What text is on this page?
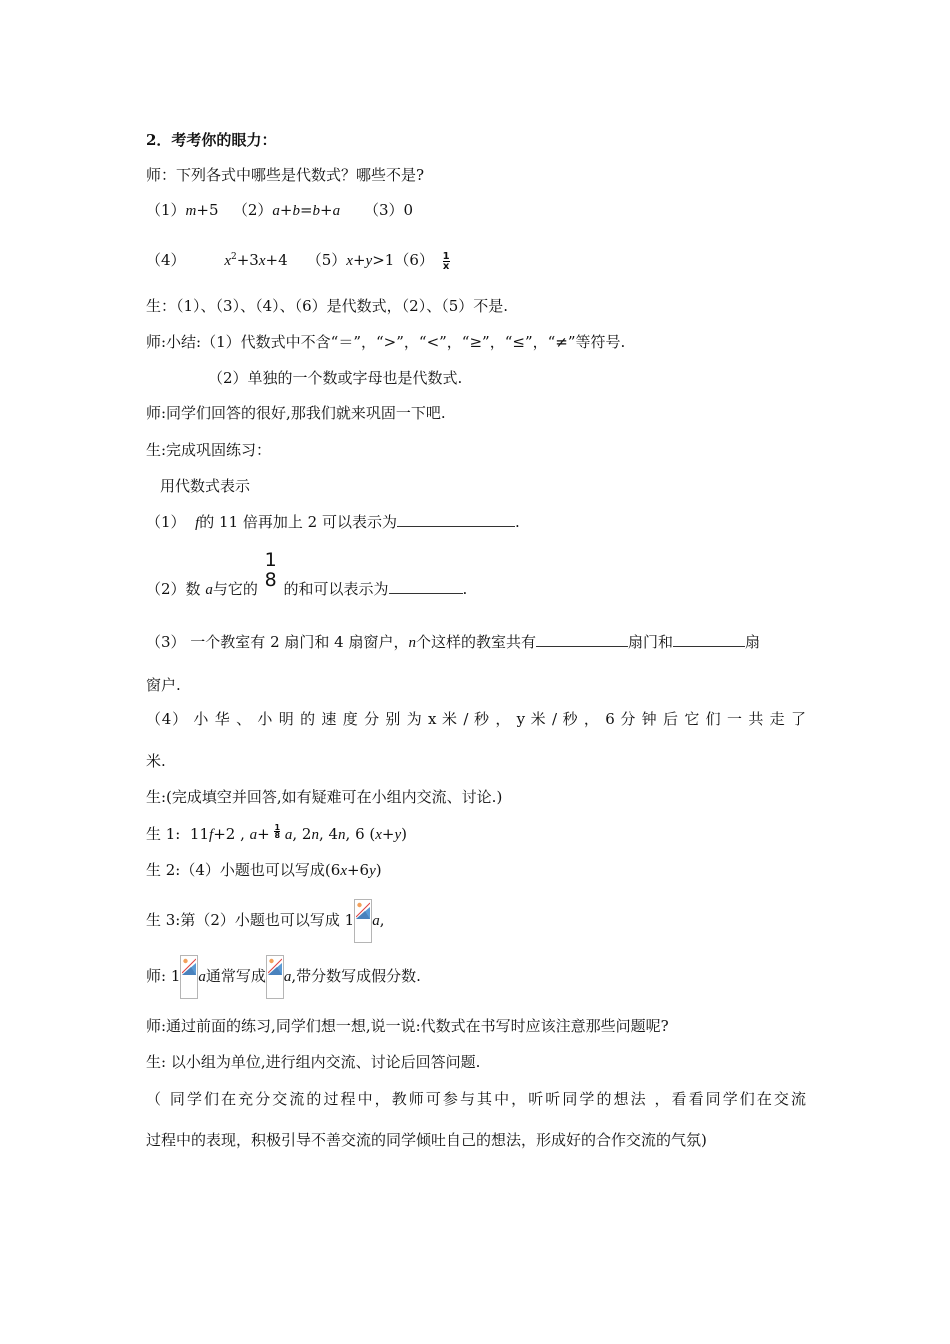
2．考考你的眼力：
师：下列各式中哪些是代数式？哪些不是?
（1）m+5 （2）a+b=b+a （3）0
（4）	$x^2+3x+4$ $(5)x+y>1(6) \frac{1}{x}$
生：（1）、（3）、（4）、（6）是代数式，（2）、（5）不是.
师:小结:（1）代数式中不含“＝”，“>”，“<”，“≥”，“≤”，“≠”等符号.
（2）单独的一个数或字母也是代数式.
师:同学们回答的很好,那我们就来巩固一下吧.
生:完成巩固练习：
用代数式表示
（1） f的 11 倍再加上 2 可以表示为	.
（2）数 a与它的
1
8 的和可以表示为	.
（3） 一个教室有 2 扇门和 4 扇窗户，n个这样的教室共有	扇门和	扇
窗户.
（4） 小 华 、 小 明 的 速 度 分 别 为 x 米 / 秒 ， y 米 / 秒 ， 6 分 钟 后 它 们 一 共 走 了
米.
生:(完成填空并回答,如有疑难可在小组内交流、讨论.)
生 1: 11f+2 , $a+ \frac{1}{8} a$, 2n, 4n, 6 (x+y)
生 2:（4）小题也可以写成(6x+6y)
生 3:第（2）小题也可以写成 1 a,
师: 1 a通常写成 a,带分数写成假分数.
师:通过前面的练习,同学们想一想,说一说:代数式在书写时应该注意那些问题呢?
生: 以小组为单位,进行组内交流、讨论后回答问题.
（ 同学们在充分交流的过程中，教师可参与其中，听听同学的想法 ，看看同学们在交流
过程中的表现，积极引导不善交流的同学倾吐自己的想法，形成好的合作交流的气氛)
